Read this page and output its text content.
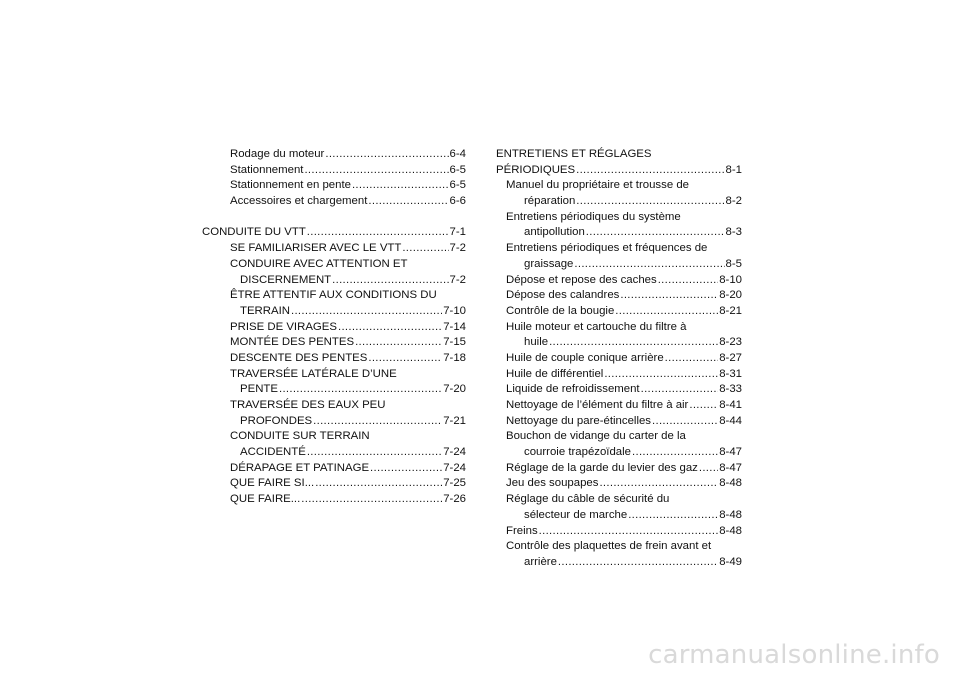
Rodage du moteur .....	6-4
Stationnement .....	6-5
Stationnement en pente .....	6-5
Accessoires et chargement .....	6-6
CONDUITE DU VTT .....	7-1
SE FAMILIARISER AVEC LE VTT .....	7-2
CONDUIRE AVEC ATTENTION ET
DISCERNEMENT .....	7-2
ÊTRE ATTENTIF AUX CONDITIONS DU
TERRAIN .....	7-10
PRISE DE VIRAGES .....	7-14
MONTÉE DES PENTES .....	7-15
DESCENTE DES PENTES .....	7-18
TRAVERSÉE LATÉRALE D’UNE
PENTE .....	7-20
TRAVERSÉE DES EAUX PEU
PROFONDES .....	7-21
CONDUITE SUR TERRAIN
ACCIDENTÉ .....	7-24
DÉRAPAGE ET PATINAGE .....	7-24
QUE FAIRE SI... .....	7-25
QUE FAIRE... .....	7-26
ENTRETIENS ET RÉGLAGES
PÉRIODIQUES .....	8-1
Manuel du propriétaire et trousse de
réparation .....	8-2
Entretiens périodiques du système
antipollution .....	8-3
Entretiens périodiques et fréquences de
graissage .....	8-5
Dépose et repose des caches .....	8-10
Dépose des calandres .....	8-20
Contrôle de la bougie .....	8-21
Huile moteur et cartouche du filtre à
huile .....	8-23
Huile de couple conique arrière .....	8-27
Huile de différentiel .....	8-31
Liquide de refroidissement .....	8-33
Nettoyage de l’élément du filtre à air .....	8-41
Nettoyage du pare-étincelles .....	8-44
Bouchon de vidange du carter de la
courroie trapézoïdale .....	8-47
Réglage de la garde du levier des gaz ..... 8-47
Jeu des soupapes .....	8-48
Réglage du câble de sécurité du
sélecteur de marche .....	8-48
Freins .....	8-48
Contrôle des plaquettes de frein avant et
arrière .....	8-49
carmanualsonline.info
